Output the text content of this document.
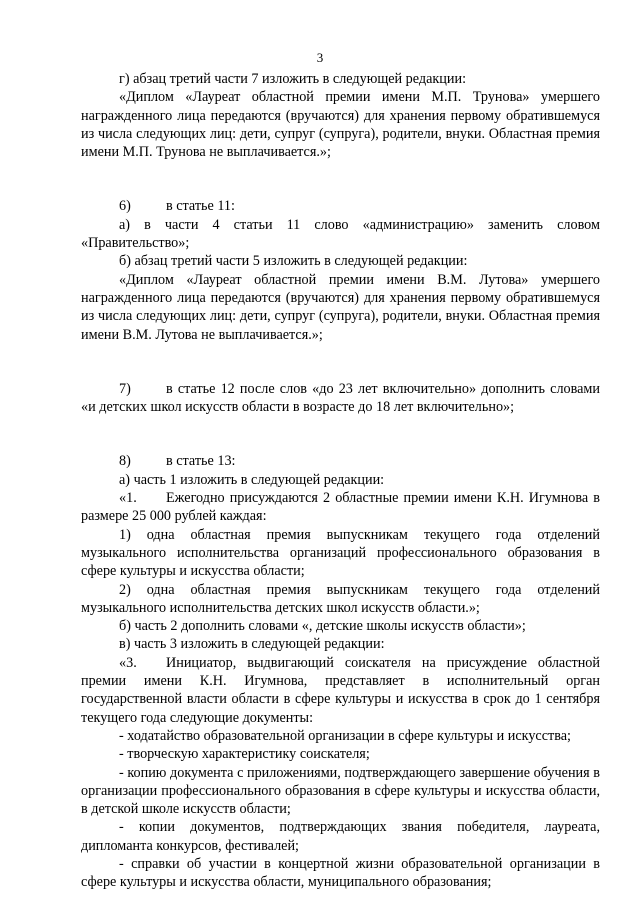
3

г) абзац третий части 7 изложить в следующей редакции:

«Диплом «Лауреат областной премии имени М.П. Трунова» умершего награжденного лица передаются (вручаются) для хранения первому обратившемуся из числа следующих лиц: дети, супруг (супруга), родители, внуки. Областная премия имени М.П. Трунова не выплачивается.»;

6)	в статье 11:

а) в части 4 статьи 11 слово «администрацию» заменить словом «Правительство»;

б) абзац третий части 5 изложить в следующей редакции:

«Диплом «Лауреат областной премии имени В.М. Лутова» умершего награжденного лица передаются (вручаются) для хранения первому обратившемуся из числа следующих лиц: дети, супруг (супруга), родители, внуки. Областная премия имени В.М. Лутова не выплачивается.»;

7) в статье 12 после слов «до 23 лет включительно» дополнить словами «и детских школ искусств области в возрасте до 18 лет включительно»;

8)	в статье 13:

а) часть 1 изложить в следующей редакции:

«1. Ежегодно присуждаются 2 областные премии имени К.Н. Игумнова в размере 25 000 рублей каждая:

1) одна областная премия выпускникам текущего года отделений музыкального исполнительства организаций профессионального образования в сфере культуры и искусства области;

2) одна областная премия выпускникам текущего года отделений музыкального исполнительства детских школ искусств области.»;

б) часть 2 дополнить словами «, детские школы искусств области»;

в) часть 3 изложить в следующей редакции:

«3. Инициатор, выдвигающий соискателя на присуждение областной премии имени К.Н. Игумнова, представляет в исполнительный орган государственной власти области в сфере культуры и искусства в срок до 1 сентября текущего года следующие документы:

- ходатайство образовательной организации в сфере культуры и искусства;

- творческую характеристику соискателя;

- копию документа с приложениями, подтверждающего завершение обучения в организации профессионального образования в сфере культуры и искусства области, в детской школе искусств области;

- копии документов, подтверждающих звания победителя, лауреата, дипломанта конкурсов, фестивалей;

- справки об участии в концертной жизни образовательной организации в сфере культуры и искусства области, муниципального образования;
